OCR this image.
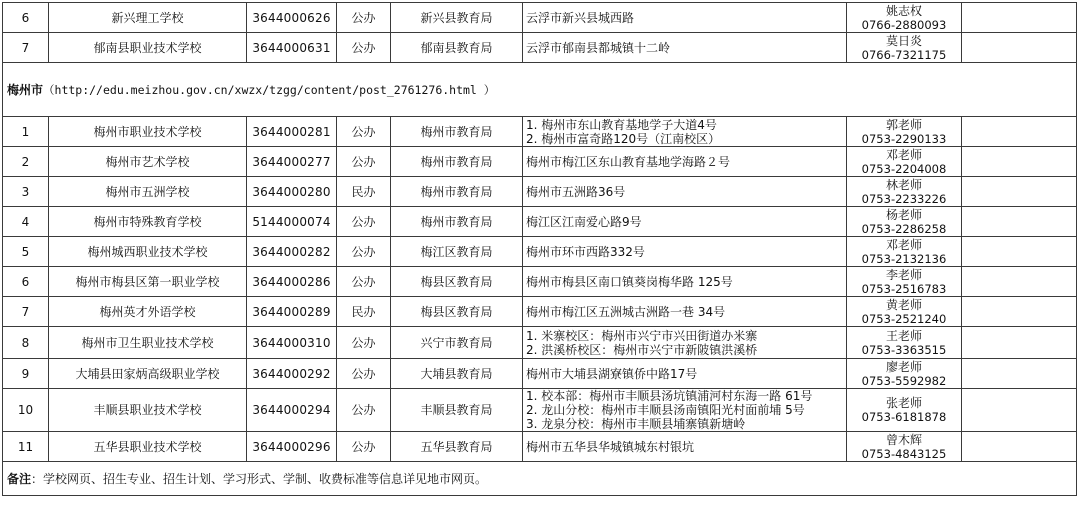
6	新兴理工学校	3644000626	公办	新兴县教育局	云浮市新兴县城西路	姚志权
0766-2880093	

7	郁南县职业技术学校	3644000631	公办	郁南县教育局	云浮市郁南县都城镇十二岭	莫日炎
0766-7321175	

梅州市（http://edu.meizhou.gov.cn/xwzx/tzgg/content/post_2761276.html ）							
1	梅州市职业技术学校	3644000281	公办	梅州市教育局	1. 梅州市东山教育基地学子大道4号
2. 梅州市富奇路120号（江南校区）	郭老师
0753-2290133	

2	梅州市艺术学校	3644000277	公办	梅州市教育局	梅州市梅江区东山教育基地学海路２号	邓老师
0753-2204008	

3	梅州市五洲学校	3644000280	民办	梅州市教育局	梅州市五洲路36号	林老师
0753-2233226	

4	梅州市特殊教育学校	5144000074	公办	梅州市教育局	梅江区江南爱心路9号	杨老师
0753-2286258	

5	梅州城西职业技术学校	3644000282	公办	梅江区教育局	梅州市环市西路332号	邓老师
0753-2132136	

6	梅州市梅县区第一职业学校	3644000286	公办	梅县区教育局	梅州市梅县区南口镇葵岗梅华路 125号	李老师
0753-2516783	

7	梅州英才外语学校	3644000289	民办	梅县区教育局	梅州市梅江区五洲城古洲路一巷 34号	黄老师
0753-2521240	

8	梅州市卫生职业技术学校	3644000310	公办	兴宁市教育局	1. 米寨校区：梅州市兴宁市兴田街道办米寨
2. 洪溪桥校区：梅州市兴宁市新陂镇洪溪桥	王老师
0753-3363515	

9	大埔县田家炳高级职业学校	3644000292	公办	大埔县教育局	梅州市大埔县湖寮镇侨中路17号	廖老师
0753-5592982	

10	丰顺县职业技术学校	3644000294	公办	丰顺县教育局	1. 校本部：梅州市丰顺县汤坑镇浦河村东海一路 61号
2. 龙山分校：梅州市丰顺县汤南镇阳光村面前埔 5号
3. 龙泉分校：梅州市丰顺县埔寨镇新塘岭	张老师
0753-6181878	

11	五华县职业技术学校	3644000296	公办	五华县教育局	梅州市五华县华城镇城东村银坑	曾木辉
0753-4843125	

备注：学校网页、招生专业、招生计划、学习形式、学制、收费标准等信息详见地市网页。							
